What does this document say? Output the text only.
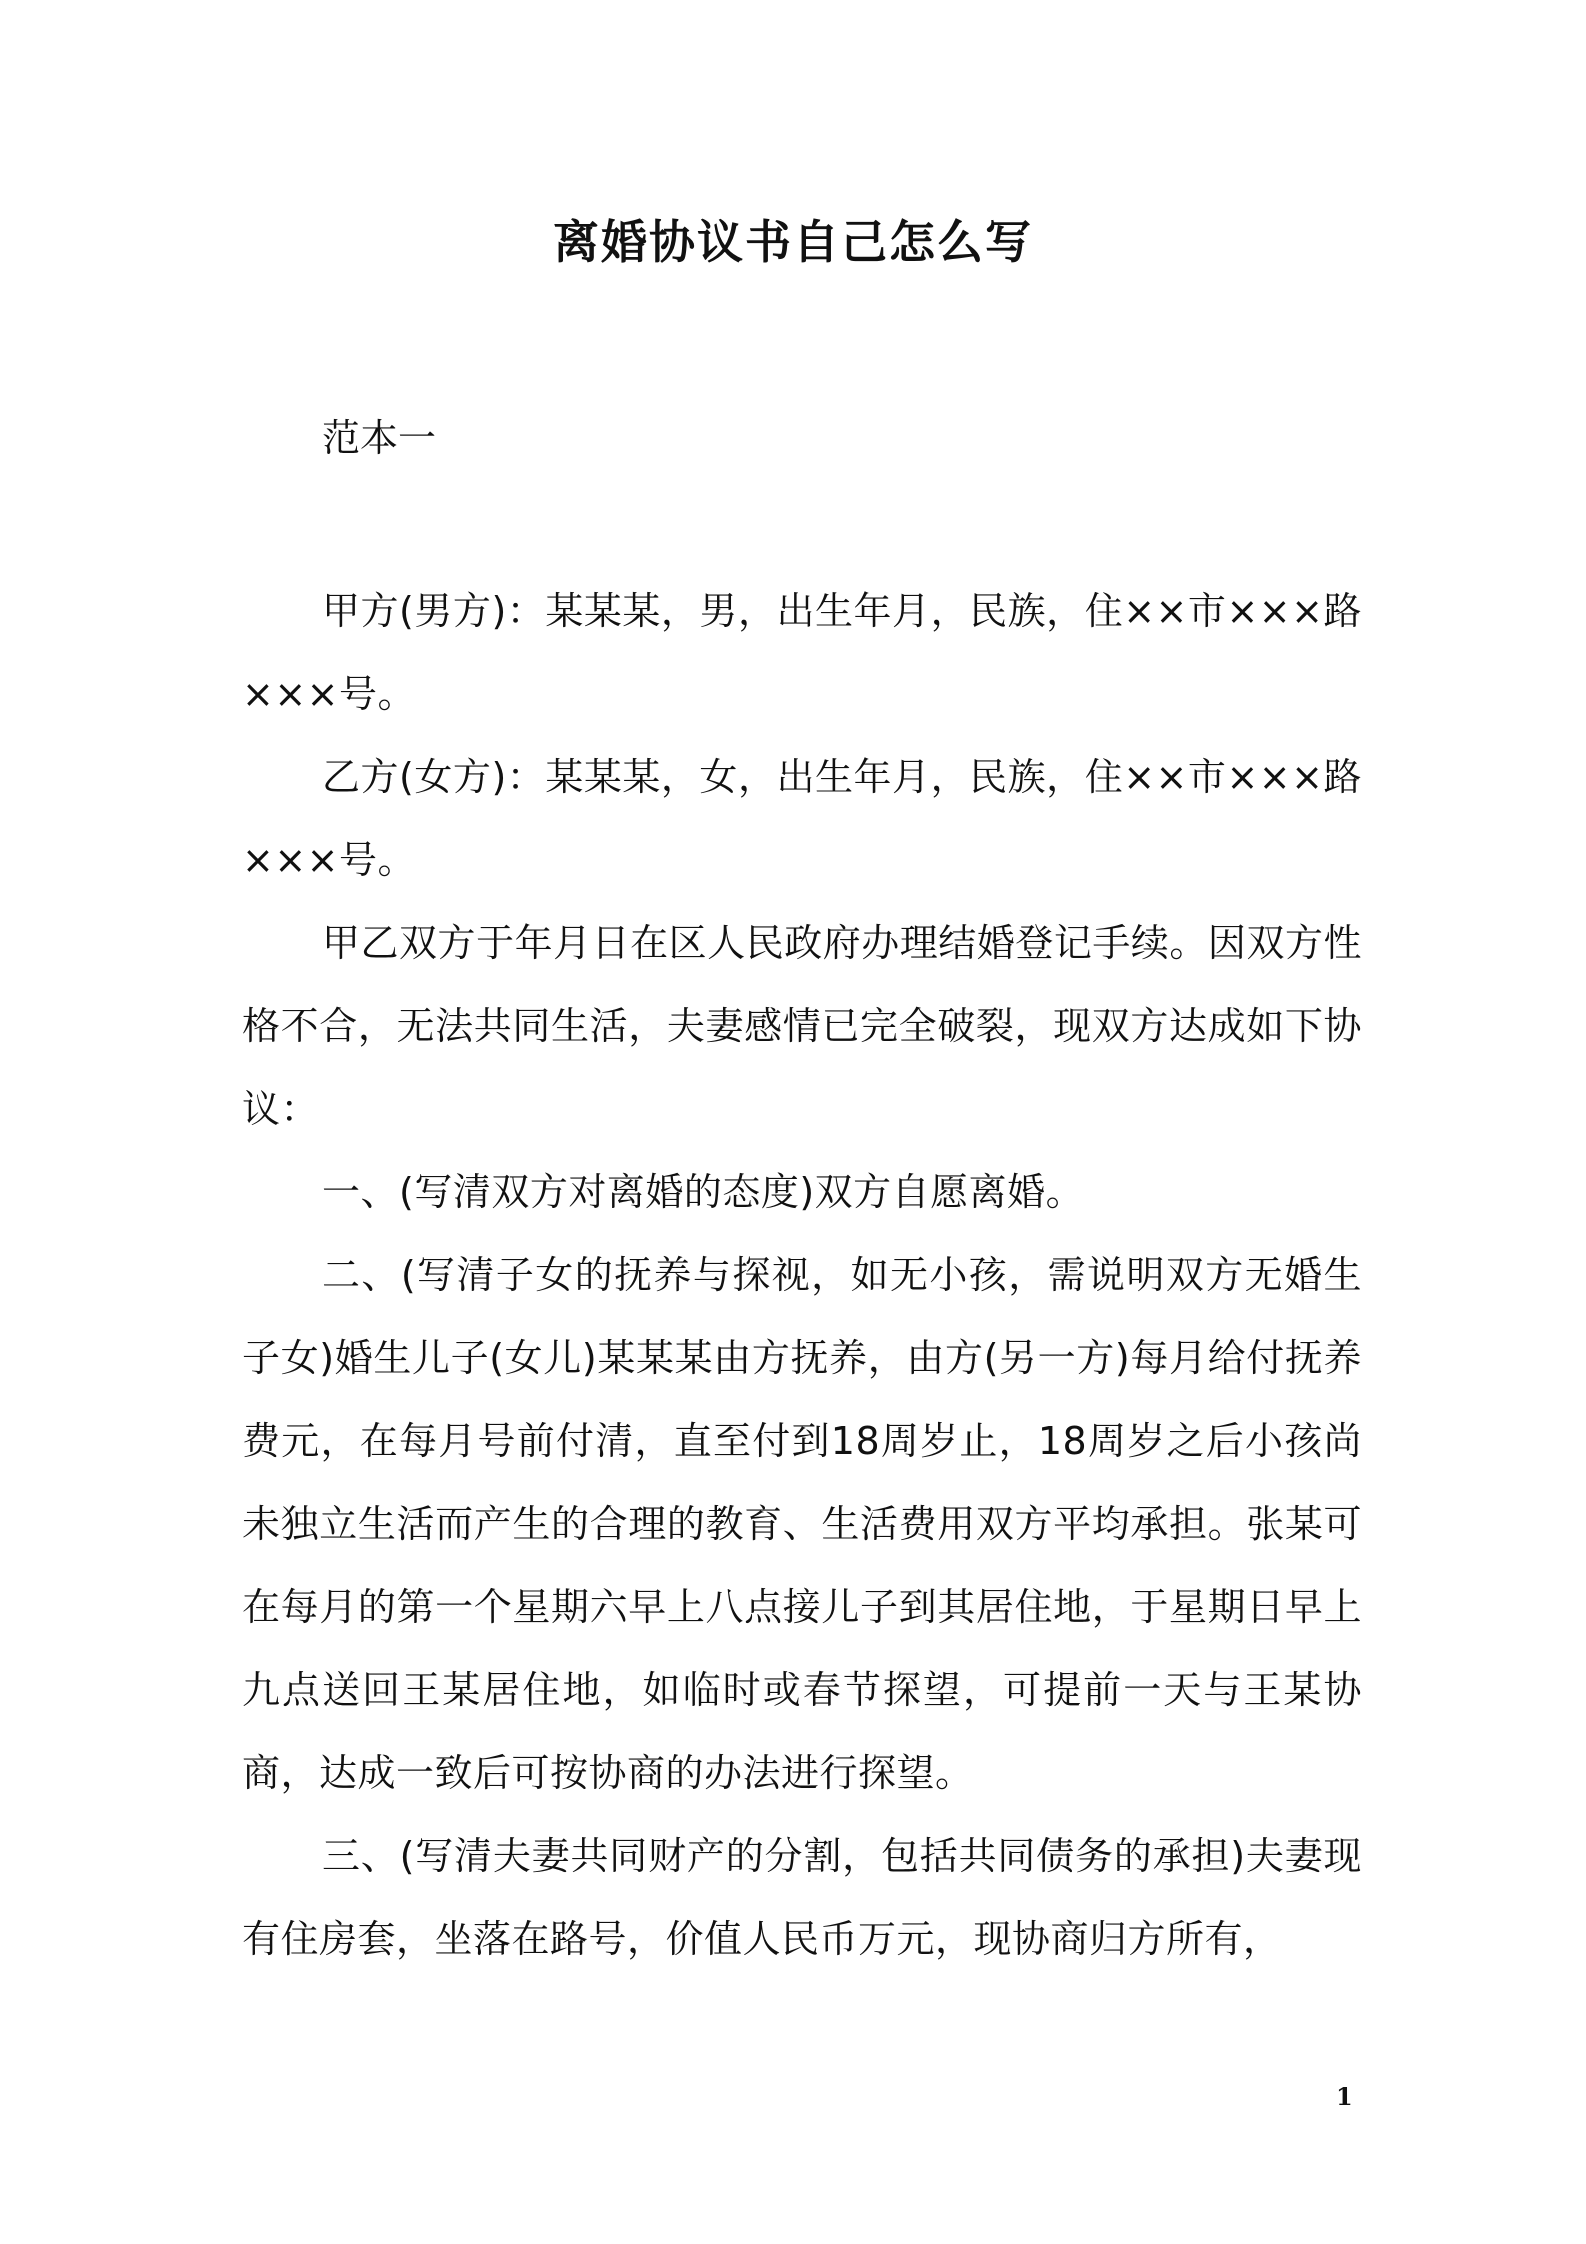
离婚协议书自己怎么写
范本一

甲方(男方)：某某某，男，出生年月，民族，住××市×××路×××号。

乙方(女方)：某某某，女，出生年月，民族，住××市×××路×××号。

甲乙双方于年月日在区人民政府办理结婚登记手续。因双方性格不合，无法共同生活，夫妻感情已完全破裂，现双方达成如下协议：

一、(写清双方对离婚的态度)双方自愿离婚。

二、(写清子女的抚养与探视，如无小孩，需说明双方无婚生子女)婚生儿子(女儿)某某某由方抚养，由方(另一方)每月给付抚养费元，在每月号前付清，直至付到18周岁止，18周岁之后小孩尚未独立生活而产生的合理的教育、生活费用双方平均承担。张某可在每月的第一个星期六早上八点接儿子到其居住地，于星期日早上九点送回王某居住地，如临时或春节探望，可提前一天与王某协商，达成一致后可按协商的办法进行探望。

三、(写清夫妻共同财产的分割，包括共同债务的承担)夫妻现有住房套，坐落在路号，价值人民币万元，现协商归方所有，

1
